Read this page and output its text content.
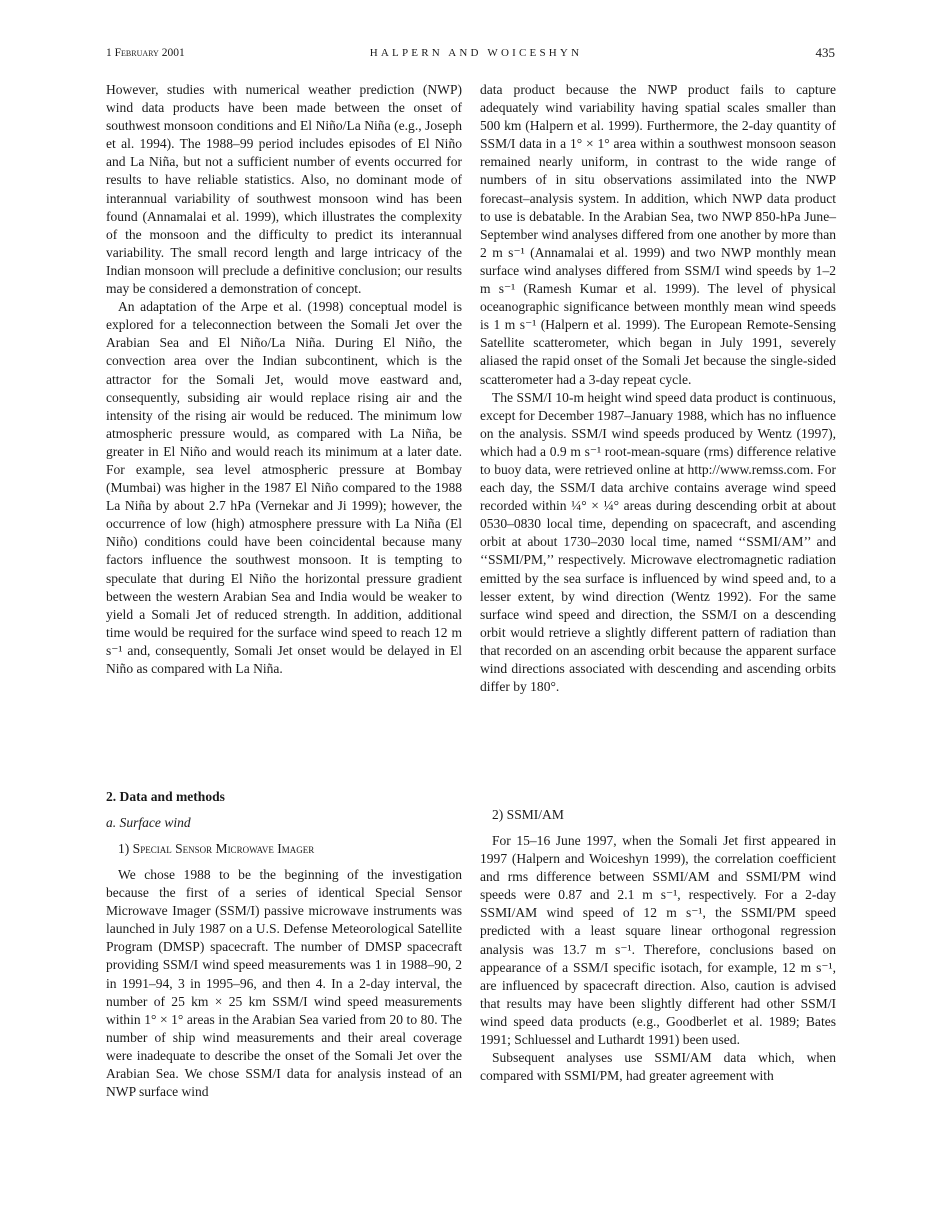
1 February 2001	HALPERN AND WOICESHYN	435

However, studies with numerical weather prediction (NWP) wind data products have been made between the onset of southwest monsoon conditions and El Niño/La Niña (e.g., Joseph et al. 1994). The 1988–99 period includes episodes of El Niño and La Niña, but not a sufficient number of events occurred for results to have reliable statistics. Also, no dominant mode of interannual variability of southwest monsoon wind has been found (Annamalai et al. 1999), which illustrates the complexity of the monsoon and the difficulty to predict its interannual variability. The small record length and large intricacy of the Indian monsoon will preclude a definitive conclusion; our results may be considered a demonstration of concept.

An adaptation of the Arpe et al. (1998) conceptual model is explored for a teleconnection between the Somali Jet over the Arabian Sea and El Niño/La Niña. During El Niño, the convection area over the Indian subcontinent, which is the attractor for the Somali Jet, would move eastward and, consequently, subsiding air would replace rising air and the intensity of the rising air would be reduced. The minimum low atmospheric pressure would, as compared with La Niña, be greater in El Niño and would reach its minimum at a later date. For example, sea level atmospheric pressure at Bombay (Mumbai) was higher in the 1987 El Niño compared to the 1988 La Niña by about 2.7 hPa (Vernekar and Ji 1999); however, the occurrence of low (high) atmosphere pressure with La Niña (El Niño) conditions could have been coincidental because many factors influence the southwest monsoon. It is tempting to speculate that during El Niño the horizontal pressure gradient between the western Arabian Sea and India would be weaker to yield a Somali Jet of reduced strength. In addition, additional time would be required for the surface wind speed to reach 12 m s⁻¹ and, consequently, Somali Jet onset would be delayed in El Niño as compared with La Niña.

2. Data and methods
a. Surface wind
1) Special Sensor Microwave Imager

We chose 1988 to be the beginning of the investigation because the first of a series of identical Special Sensor Microwave Imager (SSM/I) passive microwave instruments was launched in July 1987 on a U.S. Defense Meteorological Satellite Program (DMSP) spacecraft. The number of DMSP spacecraft providing SSM/I wind speed measurements was 1 in 1988–90, 2 in 1991–94, 3 in 1995–96, and then 4. In a 2-day interval, the number of 25 km × 25 km SSM/I wind speed measurements within 1° × 1° areas in the Arabian Sea varied from 20 to 80. The number of ship wind measurements and their areal coverage were inadequate to describe the onset of the Somali Jet over the Arabian Sea. We chose SSM/I data for analysis instead of an NWP surface wind

data product because the NWP product fails to capture adequately wind variability having spatial scales smaller than 500 km (Halpern et al. 1999). Furthermore, the 2-day quantity of SSM/I data in a 1° × 1° area within a southwest monsoon season remained nearly uniform, in contrast to the wide range of numbers of in situ observations assimilated into the NWP forecast–analysis system. In addition, which NWP data product to use is debatable. In the Arabian Sea, two NWP 850-hPa June–September wind analyses differed from one another by more than 2 m s⁻¹ (Annamalai et al. 1999) and two NWP monthly mean surface wind analyses differed from SSM/I wind speeds by 1–2 m s⁻¹ (Ramesh Kumar et al. 1999). The level of physical oceanographic significance between monthly mean wind speeds is 1 m s⁻¹ (Halpern et al. 1999). The European Remote-Sensing Satellite scatterometer, which began in July 1991, severely aliased the rapid onset of the Somali Jet because the single-sided scatterometer had a 3-day repeat cycle.

The SSM/I 10-m height wind speed data product is continuous, except for December 1987–January 1988, which has no influence on the analysis. SSM/I wind speeds produced by Wentz (1997), which had a 0.9 m s⁻¹ root-mean-square (rms) difference relative to buoy data, were retrieved online at http://www.remss.com. For each day, the SSM/I data archive contains average wind speed recorded within ¼° × ¼° areas during descending orbit at about 0530–0830 local time, depending on spacecraft, and ascending orbit at about 1730–2030 local time, named ‘‘SSMI/AM’’ and ‘‘SSMI/PM,’’ respectively. Microwave electromagnetic radiation emitted by the sea surface is influenced by wind speed and, to a lesser extent, by wind direction (Wentz 1992). For the same surface wind speed and direction, the SSM/I on a descending orbit would retrieve a slightly different pattern of radiation than that recorded on an ascending orbit because the apparent surface wind directions associated with descending and ascending orbits differ by 180°.

2) SSMI/AM

For 15–16 June 1997, when the Somali Jet first appeared in 1997 (Halpern and Woiceshyn 1999), the correlation coefficient and rms difference between SSMI/AM and SSMI/PM wind speeds were 0.87 and 2.1 m s⁻¹, respectively. For a 2-day SSMI/AM wind speed of 12 m s⁻¹, the SSMI/PM speed predicted with a least square linear orthogonal regression analysis was 13.7 m s⁻¹. Therefore, conclusions based on appearance of a SSM/I specific isotach, for example, 12 m s⁻¹, are influenced by spacecraft direction. Also, caution is advised that results may have been slightly different had other SSM/I wind speed data products (e.g., Goodberlet et al. 1989; Bates 1991; Schluessel and Luthardt 1991) been used.

Subsequent analyses use SSMI/AM data which, when compared with SSMI/PM, had greater agreement with
